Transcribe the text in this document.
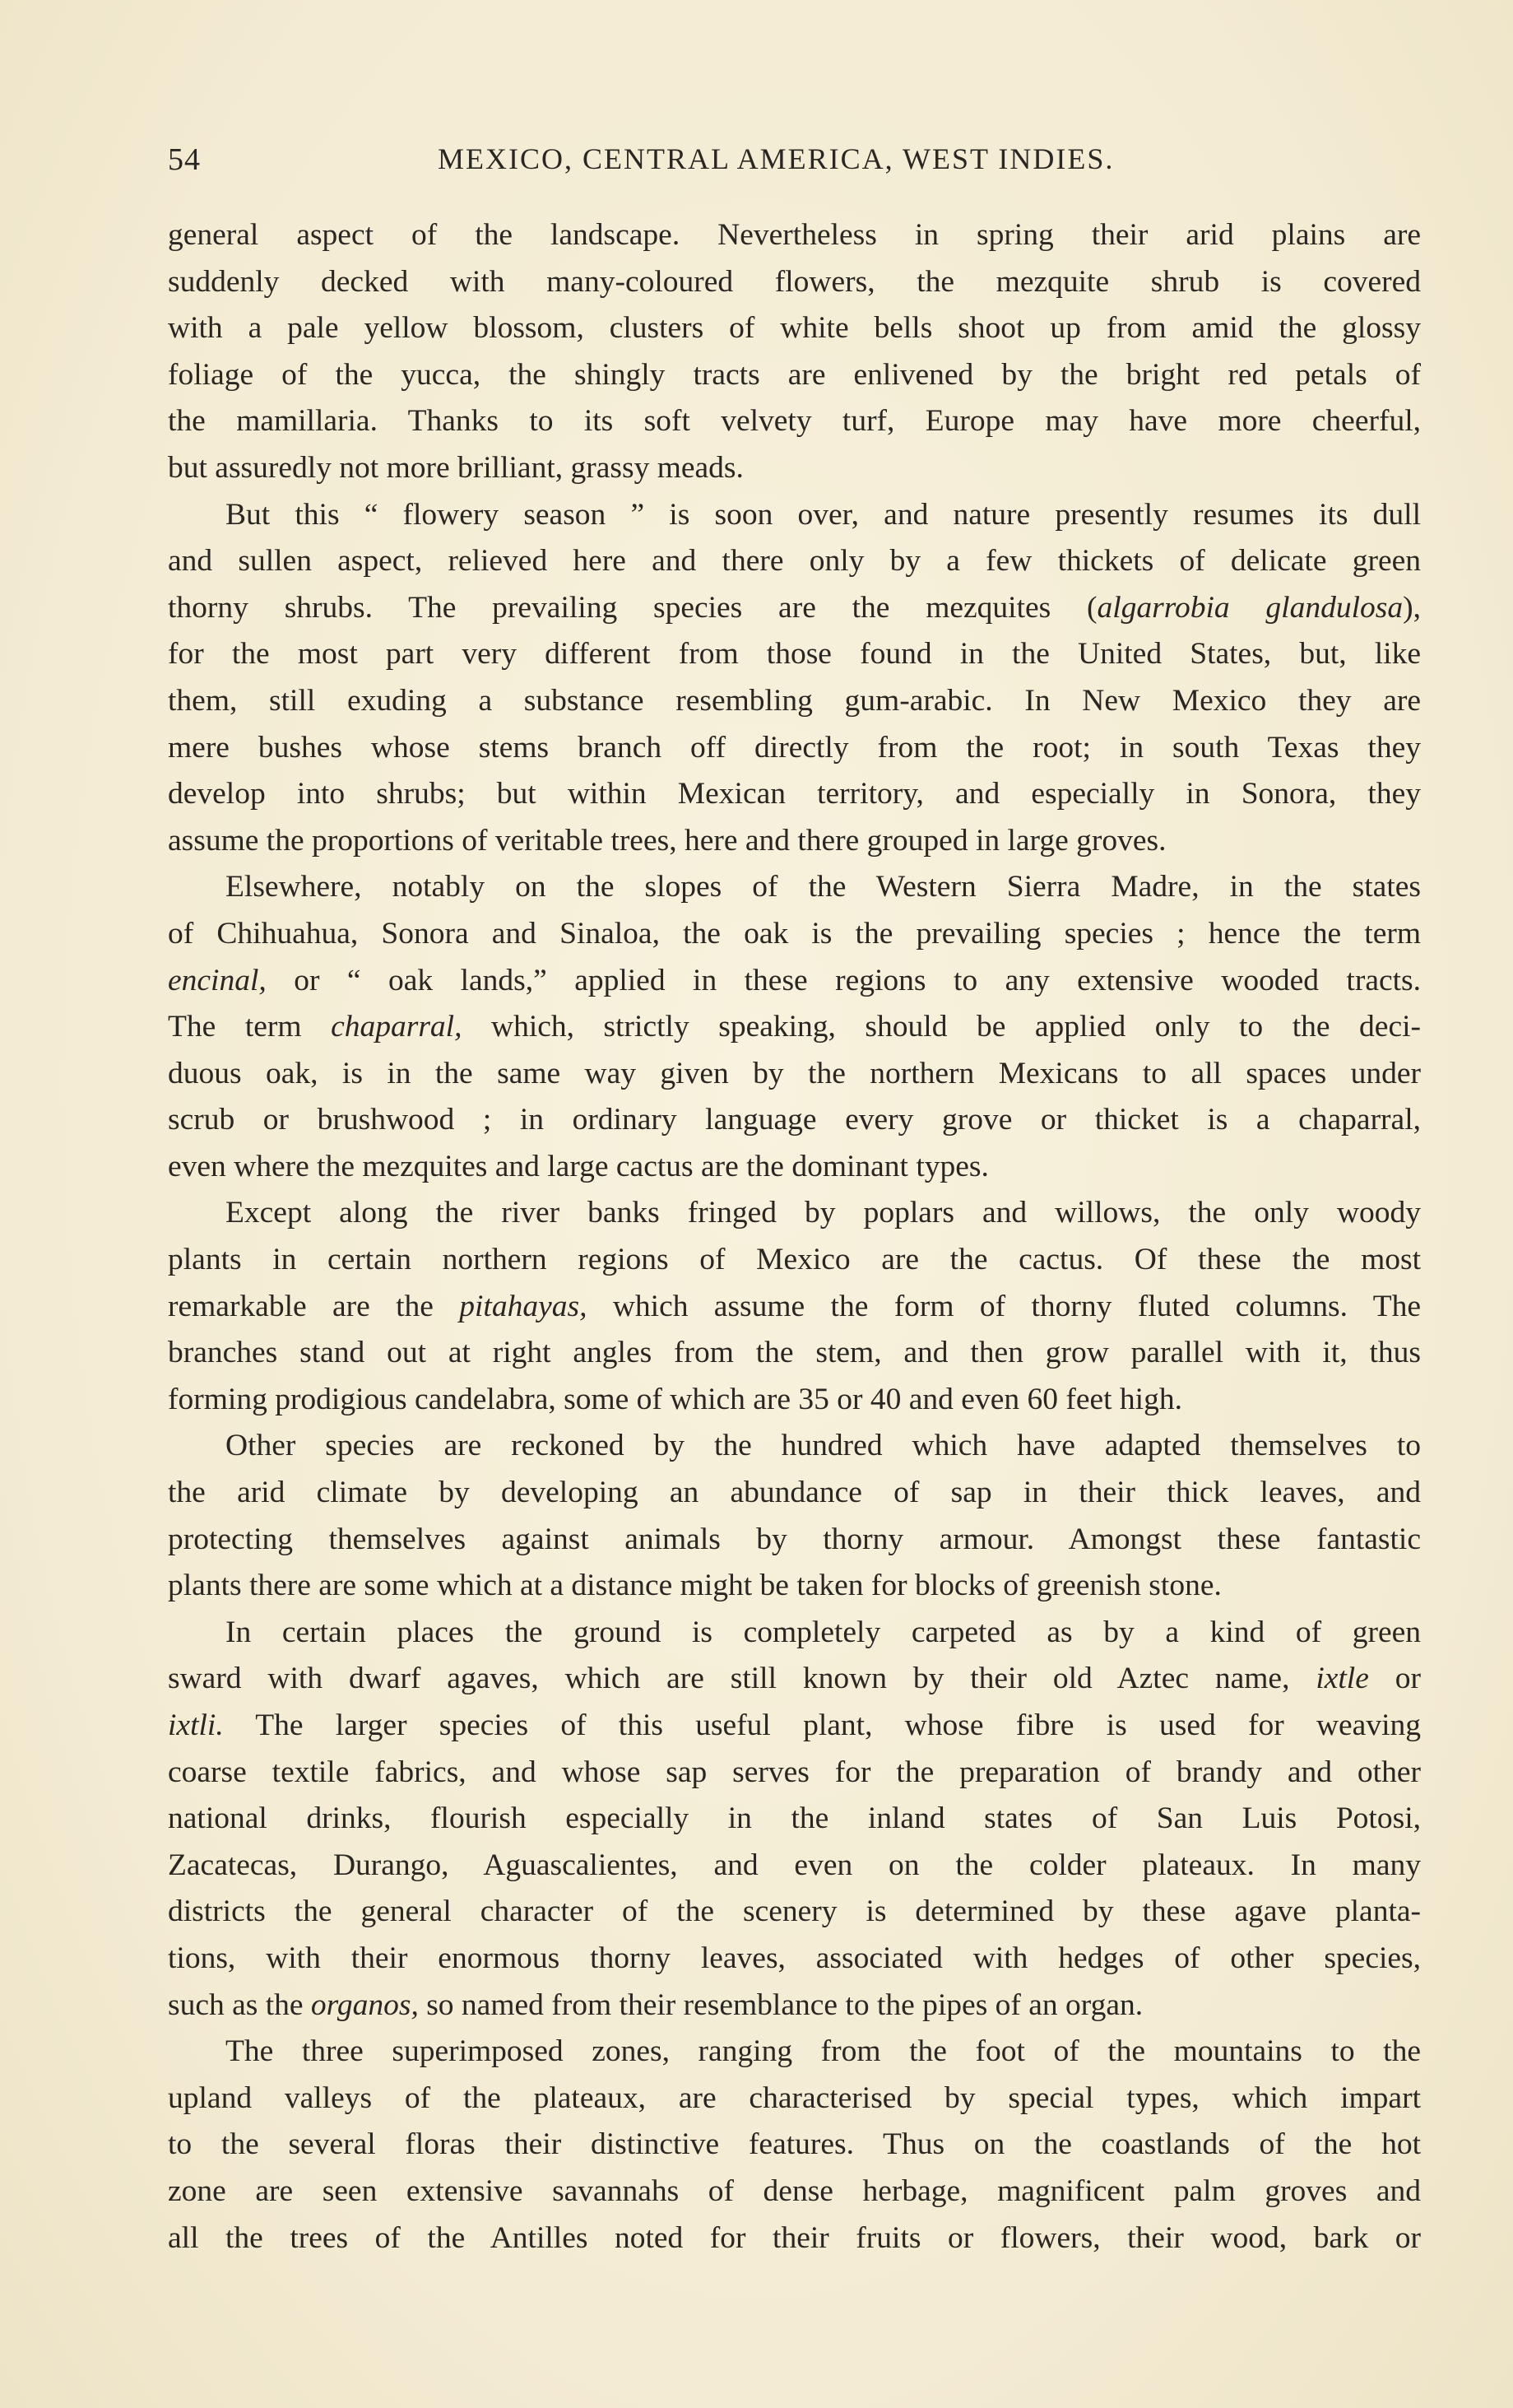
54	MEXICO, CENTRAL AMERICA, WEST INDIES.
general aspect of the landscape. Nevertheless in spring their arid plains are
suddenly decked with many-coloured flowers, the mezquite shrub is covered
with a pale yellow blossom, clusters of white bells shoot up from amid the glossy
foliage of the yucca, the shingly tracts are enlivened by the bright red petals of
the mamillaria. Thanks to its soft velvety turf, Europe may have more cheerful,
but assuredly not more brilliant, grassy meads.
But this “ flowery season ” is soon over, and nature presently resumes its dull
and sullen aspect, relieved here and there only by a few thickets of delicate green
thorny shrubs. The prevailing species are the mezquites (algarrobia glandulosa),
for the most part very different from those found in the United States, but, like
them, still exuding a substance resembling gum-arabic. In New Mexico they are
mere bushes whose stems branch off directly from the root; in south Texas they
develop into shrubs; but within Mexican territory, and especially in Sonora, they
assume the proportions of veritable trees, here and there grouped in large groves.
Elsewhere, notably on the slopes of the Western Sierra Madre, in the states
of Chihuahua, Sonora and Sinaloa, the oak is the prevailing species ; hence the term
encinal, or “ oak lands,” applied in these regions to any extensive wooded tracts.
The term chaparral, which, strictly speaking, should be applied only to the deci-
duous oak, is in the same way given by the northern Mexicans to all spaces under
scrub or brushwood ; in ordinary language every grove or thicket is a chaparral,
even where the mezquites and large cactus are the dominant types.
Except along the river banks fringed by poplars and willows, the only woody
plants in certain northern regions of Mexico are the cactus. Of these the most
remarkable are the pitahayas, which assume the form of thorny fluted columns. The
branches stand out at right angles from the stem, and then grow parallel with it, thus
forming prodigious candelabra, some of which are 35 or 40 and even 60 feet high.
Other species are reckoned by the hundred which have adapted themselves to
the arid climate by developing an abundance of sap in their thick leaves, and
protecting themselves against animals by thorny armour. Amongst these fantastic
plants there are some which at a distance might be taken for blocks of greenish stone.
In certain places the ground is completely carpeted as by a kind of green
sward with dwarf agaves, which are still known by their old Aztec name, ixtle or
ixtli. The larger species of this useful plant, whose fibre is used for weaving
coarse textile fabrics, and whose sap serves for the preparation of brandy and other
national drinks, flourish especially in the inland states of San Luis Potosi,
Zacatecas, Durango, Aguascalientes, and even on the colder plateaux. In many
districts the general character of the scenery is determined by these agave planta-
tions, with their enormous thorny leaves, associated with hedges of other species,
such as the organos, so named from their resemblance to the pipes of an organ.
The three superimposed zones, ranging from the foot of the mountains to the
upland valleys of the plateaux, are characterised by special types, which impart
to the several floras their distinctive features. Thus on the coastlands of the hot
zone are seen extensive savannahs of dense herbage, magnificent palm groves and
all the trees of the Antilles noted for their fruits or flowers, their wood, bark or
